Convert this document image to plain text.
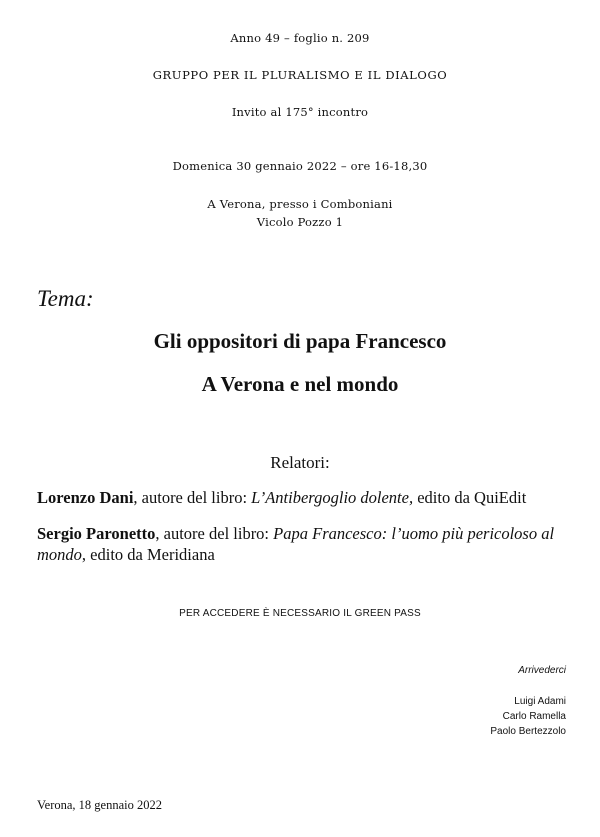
Anno 49 – foglio n. 209
GRUPPO PER IL PLURALISMO E IL DIALOGO
Invito al 175° incontro
Domenica 30 gennaio 2022 – ore 16-18,30
A Verona, presso i Comboniani
Vicolo Pozzo 1
Tema:
Gli oppositori di papa Francesco
A Verona e nel mondo
Relatori:
Lorenzo Dani, autore del libro: L’Antibergoglio dolente, edito da QuiEdit
Sergio Paronetto, autore del libro: Papa Francesco: l’uomo più pericoloso al mondo, edito da Meridiana
PER ACCEDERE È NECESSARIO IL GREEN PASS
Arrivederci
Luigi Adami
Carlo Ramella
Paolo Bertezzolo
Verona, 18 gennaio 2022
